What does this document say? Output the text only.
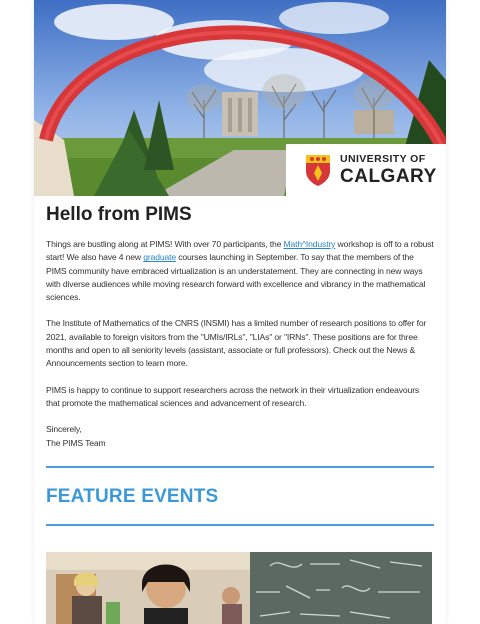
UNIVERSITY OF
CALGARY
Hello from PIMS

Things are bustling along at PIMS! With over 70 participants, the Math^Industry workshop is off to a robust start! We also have 4 new graduate courses launching in September. To say that the members of the PIMS community have embraced virtualization is an understatement. They are connecting in new ways with diverse audiences while moving research forward with excellence and vibrancy in the mathematical sciences.

The Institute of Mathematics of the CNRS (INSMI) has a limited number of research positions to offer for 2021, available to foreign visitors from the "UMIs/IRLs", "LIAs" or "IRNs". These positions are for three months and open to all seniority levels (assistant, associate or full professors). Check out the News & Announcements section to learn more.

PIMS is happy to continue to support researchers across the network in their virtualization endeavours that promote the mathematical sciences and advancement of research.

Sincerely,
The PIMS Team

FEATURE EVENTS
